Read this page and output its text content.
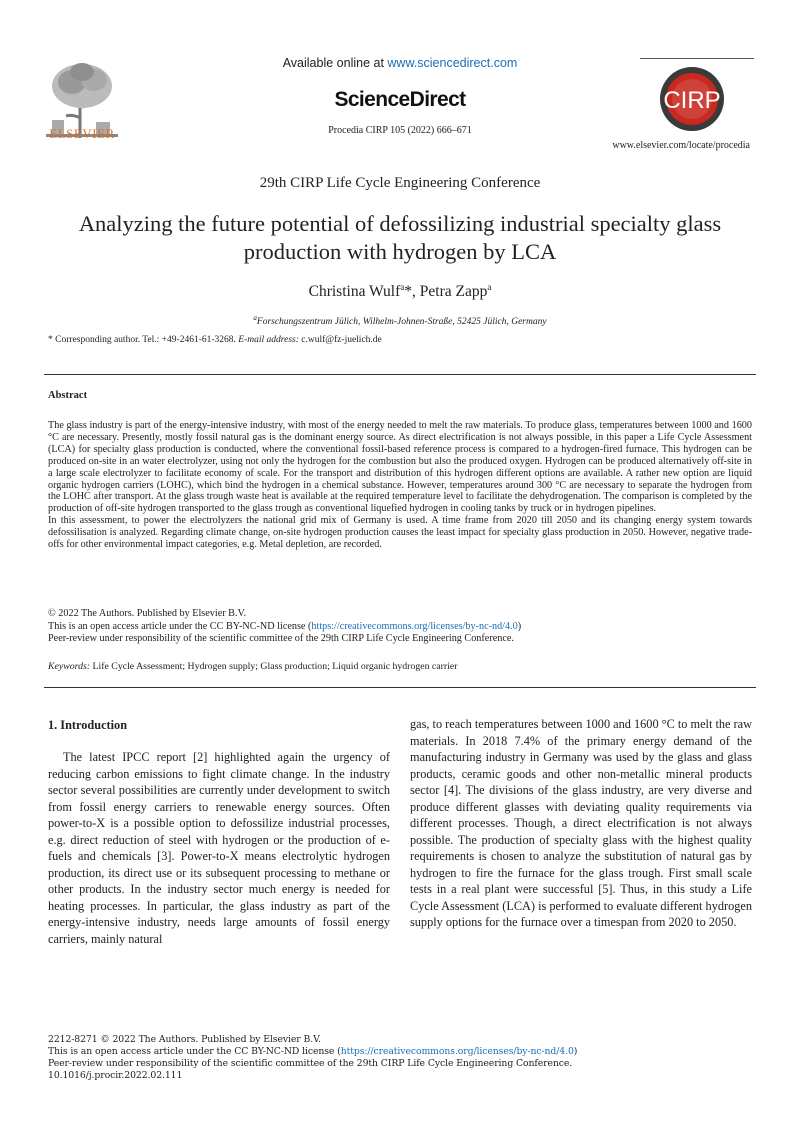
ELSEVIER
Available online at www.sciencedirect.com
ScienceDirect
Procedia CIRP 105 (2022) 666–671
CIRP
www.elsevier.com/locate/procedia
29th CIRP Life Cycle Engineering Conference
Analyzing the future potential of defossilizing industrial specialty glass
production with hydrogen by LCA
Christina Wulf$^a$*, Petra Zapp$^a$
$^a$Forschungszentrum Jülich, Wilhelm-Johnen-Straße, 52425 Jülich, Germany
* Corresponding author. Tel.: +49-2461-61-3268. E-mail address: c.wulf@fz-juelich.de
Abstract

The glass industry is part of the energy-intensive industry, with most of the energy needed to melt the raw materials. To produce glass, temperatures between 1000 and 1600 °C are necessary. Presently, mostly fossil natural gas is the dominant energy source. As direct electrification is not always possible, in this paper a Life Cycle Assessment (LCA) for specialty glass production is conducted, where the conventional fossil-based reference process is compared to a hydrogen-fired furnace. This hydrogen can be produced on-site in an water electrolyzer, using not only the hydrogen for the combustion but also the produced oxygen. Hydrogen can be produced alternatively off-site in a large scale electrolyzer to facilitate economy of scale. For the transport and distribution of this hydrogen different options are available. A rather new option are liquid organic hydrogen carriers (LOHC), which bind the hydrogen in a chemical substance. However, temperatures around 300 °C are necessary to separate the hydrogen from the LOHC after transport. At the glass trough waste heat is available at the required temperature level to facilitate the dehydrogenation. The comparison is completed by the production of off-site hydrogen transported to the glass trough as conventional liquefied hydrogen in cooling tanks by truck or in hydrogen pipelines.

In this assessment, to power the electrolyzers the national grid mix of Germany is used. A time frame from 2020 till 2050 and its changing energy system towards defossilisation is analyzed. Regarding climate change, on-site hydrogen production causes the least impact for specialty glass production in 2050. However, negative trade-offs for other environmental impact categories, e.g. Metal depletion, are recorded.

© 2022 The Authors. Published by Elsevier B.V.
This is an open access article under the CC BY-NC-ND license (https://creativecommons.org/licenses/by-nc-nd/4.0)
Peer-review under responsibility of the scientific committee of the 29th CIRP Life Cycle Engineering Conference.
Keywords: Life Cycle Assessment; Hydrogen supply; Glass production; Liquid organic hydrogen carrier
1. Introduction

The latest IPCC report [2] highlighted again the urgency of reducing carbon emissions to fight climate change. In the industry sector several possibilities are currently under development to switch from fossil energy carriers to renewable energy sources. Often power-to-X is a possible option to defossilize industrial processes, e.g. direct reduction of steel with hydrogen or the production of e-fuels and chemicals [3]. Power-to-X means electrolytic hydrogen production, its direct use or its subsequent processing to methane or other products. In the industry sector much energy is needed for heating processes. In particular, the glass industry as part of the energy-intensive industry, needs large amounts of fossil energy carriers, mainly natural

gas, to reach temperatures between 1000 and 1600 °C to melt the raw materials. In 2018 7.4% of the primary energy demand of the manufacturing industry in Germany was used by the glass and glass products, ceramic goods and other non-metallic mineral products sector [4]. The divisions of the glass industry, are very diverse and produce different glasses with deviating quality requirements via different processes. Though, a direct electrification is not always possible. The production of specialty glass with the highest quality requirements is chosen to analyze the substitution of natural gas by hydrogen to fire the furnace for the glass trough. First small scale tests in a real plant were successful [5]. Thus, in this study a Life Cycle Assessment (LCA) is performed to evaluate different hydrogen supply options for the furnace over a timespan from 2020 to 2050.

2212-8271 © 2022 The Authors. Published by Elsevier B.V.
This is an open access article under the CC BY-NC-ND license (https://creativecommons.org/licenses/by-nc-nd/4.0)
Peer-review under responsibility of the scientific committee of the 29th CIRP Life Cycle Engineering Conference.
10.1016/j.procir.2022.02.111
